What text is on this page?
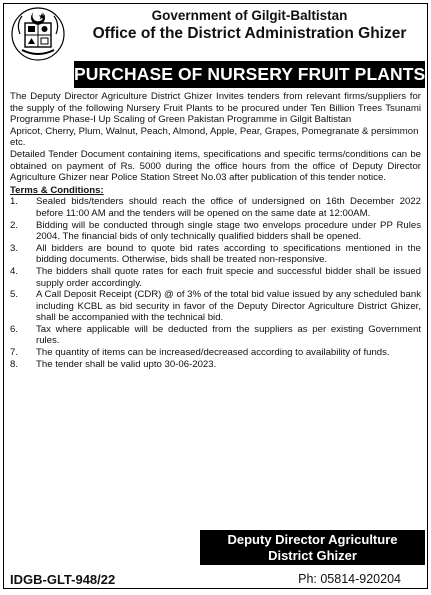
Government of Gilgit-Baltistan
Office of the District Administration Ghizer
PURCHASE OF NURSERY FRUIT PLANTS

The Deputy Director Agriculture District Ghizer Invites tenders from relevant firms/suppliers for the supply of the following Nursery Fruit Plants to be procured under Ten Billion Trees Tsunami Programme Phase-I Up Scaling of Green Pakistan Programme in Gilgit Baltistan

Apricot, Cherry, Plum, Walnut, Peach, Almond, Apple, Pear, Grapes, Pomegranate & persimmon etc.

Detailed Tender Document containing items, specifications and specific terms/conditions can be obtained on payment of Rs. 5000 during the office hours from the office of Deputy Director Agriculture Ghizer near Police Station Street No.03 after publication of this tender notice.

Terms & Conditions:
1. Sealed bids/tenders should reach the office of undersigned on 16th December 2022 before 11:00 AM and the tenders will be opened on the same date at 12:00AM.
2. Bidding will be conducted through single stage two envelops procedure under PP Rules 2004. The financial bids of only technically qualified bidders shall be opened.
3. All bidders are bound to quote bid rates according to specifications mentioned in the bidding documents. Otherwise, bids shall be treated non-responsive.
4. The bidders shall quote rates for each fruit specie and successful bidder shall be issued supply order accordingly.
5. A Call Deposit Receipt (CDR) @ of 3% of the total bid value issued by any scheduled bank including KCBL as bid security in favor of the Deputy Director Agriculture District Ghizer, shall be accompanied with the technical bid.
6. Tax where applicable will be deducted from the suppliers as per existing Government rules.
7. The quantity of items can be increased/decreased according to availability of funds.
8. The tender shall be valid upto 30-06-2023.
Deputy Director Agriculture
District Ghizer
IDGB-GLT-948/22	Ph: 05814-920204
